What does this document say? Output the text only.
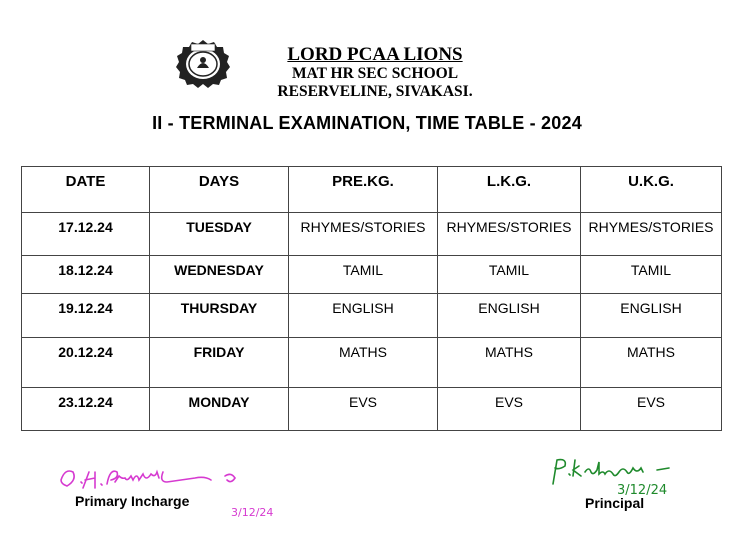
LORD PCAA LIONS
MAT HR SEC SCHOOL
RESERVELINE, SIVAKASI.
II - TERMINAL EXAMINATION, TIME TABLE - 2024
DATE	DAYS	PRE.KG.	L.K.G.	U.K.G.
17.12.24	TUESDAY	RHYMES/STORIES	RHYMES/STORIES	RHYMES/STORIES
18.12.24	WEDNESDAY	TAMIL	TAMIL	TAMIL
19.12.24	THURSDAY	ENGLISH	ENGLISH	ENGLISH
20.12.24	FRIDAY	MATHS	MATHS	MATHS
23.12.24	MONDAY	EVS	EVS	EVS
3/12/24
Primary Incharge
3/12/24
Principal
